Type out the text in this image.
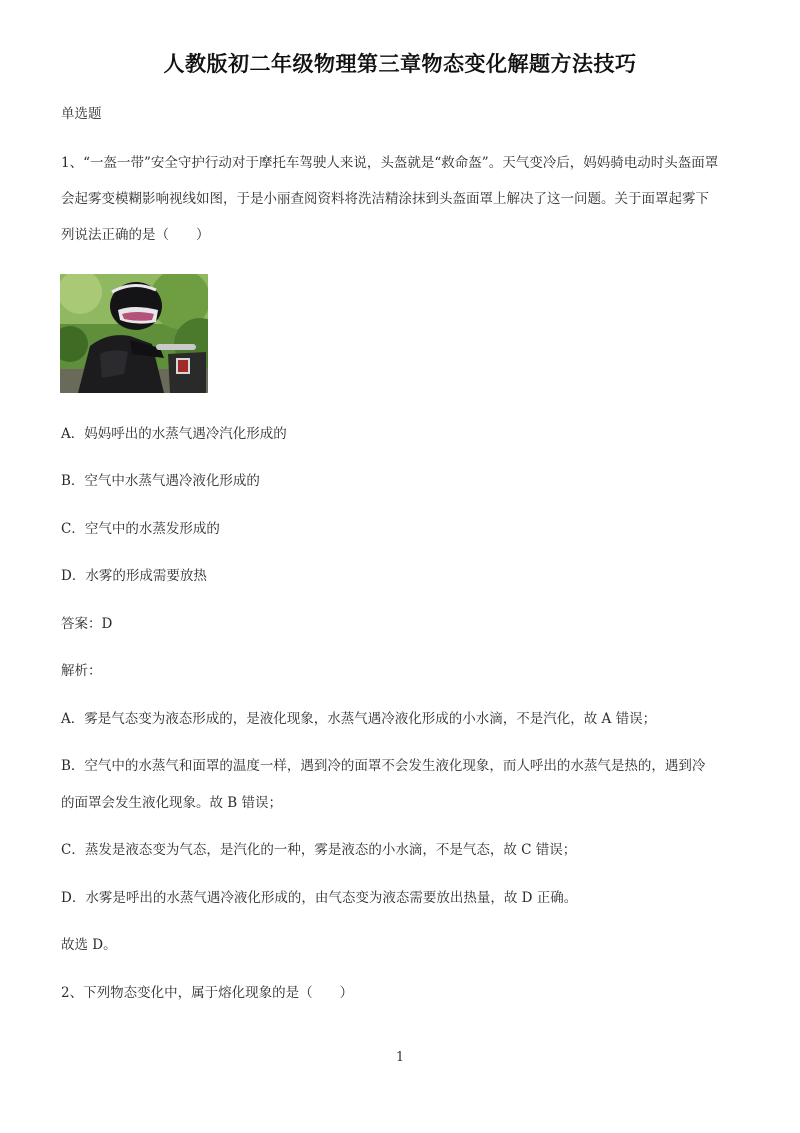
人教版初二年级物理第三章物态变化解题方法技巧
单选题
1、“一盔一带”安全守护行动对于摩托车驾驶人来说，头盔就是“救命盔”。天气变冷后，妈妈骑电动时头盔面罩
会起雾变模糊影响视线如图，于是小丽查阅资料将洗洁精涂抹到头盔面罩上解决了这一问题。关于面罩起雾下
列说法正确的是（　　）
A．妈妈呼出的水蒸气遇冷汽化形成的
B．空气中水蒸气遇冷液化形成的
C．空气中的水蒸发形成的
D．水雾的形成需要放热
答案：D
解析：
A．雾是气态变为液态形成的，是液化现象，水蒸气遇冷液化形成的小水滴，不是汽化，故 A 错误；
B．空气中的水蒸气和面罩的温度一样，遇到冷的面罩不会发生液化现象，而人呼出的水蒸气是热的，遇到冷
的面罩会发生液化现象。故 B 错误；
C．蒸发是液态变为气态，是汽化的一种，雾是液态的小水滴，不是气态，故 C 错误；
D．水雾是呼出的水蒸气遇冷液化形成的，由气态变为液态需要放出热量，故 D 正确。
故选 D。
2、下列物态变化中，属于熔化现象的是（　　）
1
